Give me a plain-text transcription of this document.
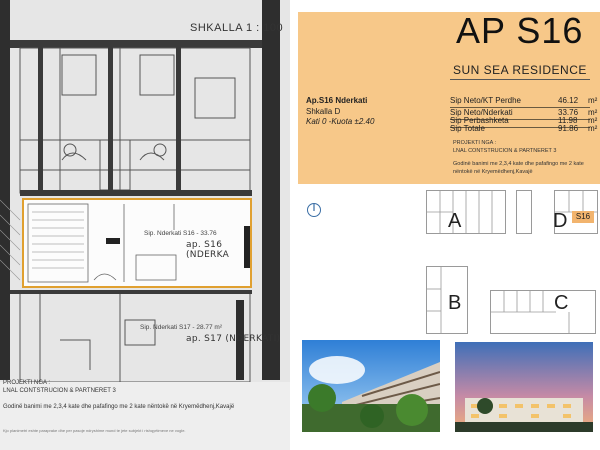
SHKALLA 1 : 100
Sip. Nderkati S16 - 33.76
ap. S16 (NDERKA
Sip. Nderkati S17 - 28.77 m²
ap. S17 (NDERKATI)
PROJEKTI NGA :
LNAL CONTSTRUCION & PARTNERET 3
Godinë banimi me 2,3,4 kate dhe pafafingo me 2 kate nëntokë në Kryemëdhenj,Kavajë
Kjo planimetri eshte paraprake dhe per pasoje ndryshime mund te jete subjekt i rishqyrtimeve ne vogle.
AP S16
SUN SEA RESIDENCE
Ap.S16 Nderkati
Shkalla D
Kati 0 -Kuota ±2.40
Sip Neto/KT Perdhe	46.12 m²
Sip Neto/Nderkati	33.76 m²
Sip Perbashketa	11.98 m²
Sip Totale	91.86 m²
PROJEKTI NGA :
LNAL CONTSTRUCION & PARTNERET 3
Godinë banimi me 2,3,4 kate dhe pafafingo me 2 kate nëntokë në Kryemëdhenj,Kavajë
A	D	S16
B	C
